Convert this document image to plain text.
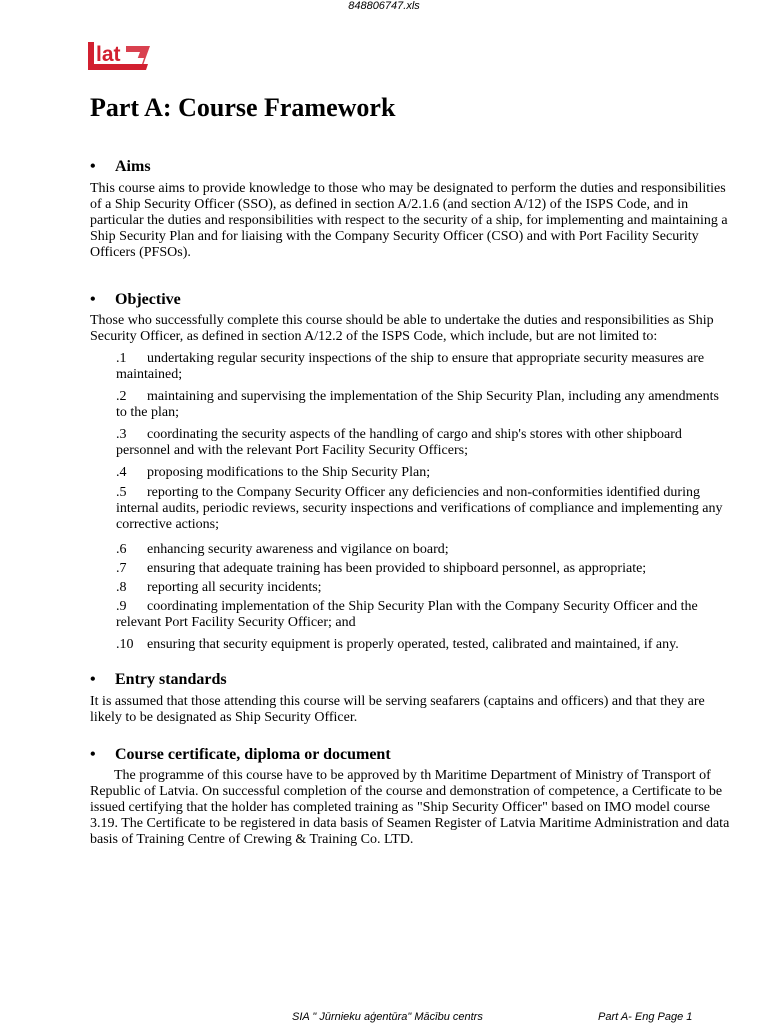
848806747.xls
lat
Part A: Course Framework
• Aims

This course aims to provide knowledge to those who may be designated to perform the duties and responsibilities of a Ship Security Officer (SSO), as defined in section A/2.1.6 (and section A/12) of the ISPS Code, and in particular the duties and responsibilities with respect to the security of a ship, for implementing and maintaining a Ship Security Plan and for liaising with the Company Security Officer (CSO) and with Port Facility Security Officers (PFSOs).

• Objective

Those who successfully complete this course should be able to undertake the duties and responsibilities as Ship Security Officer, as defined in section A/12.2 of the ISPS Code, which include, but are not limited to:

.1 undertaking regular security inspections of the ship to ensure that appropriate security measures are maintained;

.2 maintaining and supervising the implementation of the Ship Security Plan, including any amendments to the plan;

.3 coordinating the security aspects of the handling of cargo and ship's stores with other shipboard personnel and with the relevant Port Facility Security Officers;

.4 proposing modifications to the Ship Security Plan;

.5 reporting to the Company Security Officer any deficiencies and non-conformities identified during internal audits, periodic reviews, security inspections and verifications of compliance and implementing any corrective actions;

.6 enhancing security awareness and vigilance on board;

.7 ensuring that adequate training has been provided to shipboard personnel, as appropriate;

.8 reporting all security incidents;

.9 coordinating implementation of the Ship Security Plan with the Company Security Officer and the relevant Port Facility Security Officer; and

.10 ensuring that security equipment is properly operated, tested, calibrated and maintained, if any.

• Entry standards

It is assumed that those attending this course will be serving seafarers (captains and officers) and that they are likely to be designated as Ship Security Officer.

• Course certificate, diploma or document

The programme of this course have to be approved by th Maritime Department of Ministry of Transport of Republic of Latvia. On successful completion of the course and demonstration of competence, a Certificate to be issued certifying that the holder has completed training as "Ship Security Officer" based on IMO model course 3.19. The Certificate to be registered in data basis of Seamen Register of Latvia Maritime Administration and data basis of Training Centre of Crewing & Training Co. LTD.

SIA " Jūrnieku aģentūra" Mācību centrs	Part A- Eng Page 1
